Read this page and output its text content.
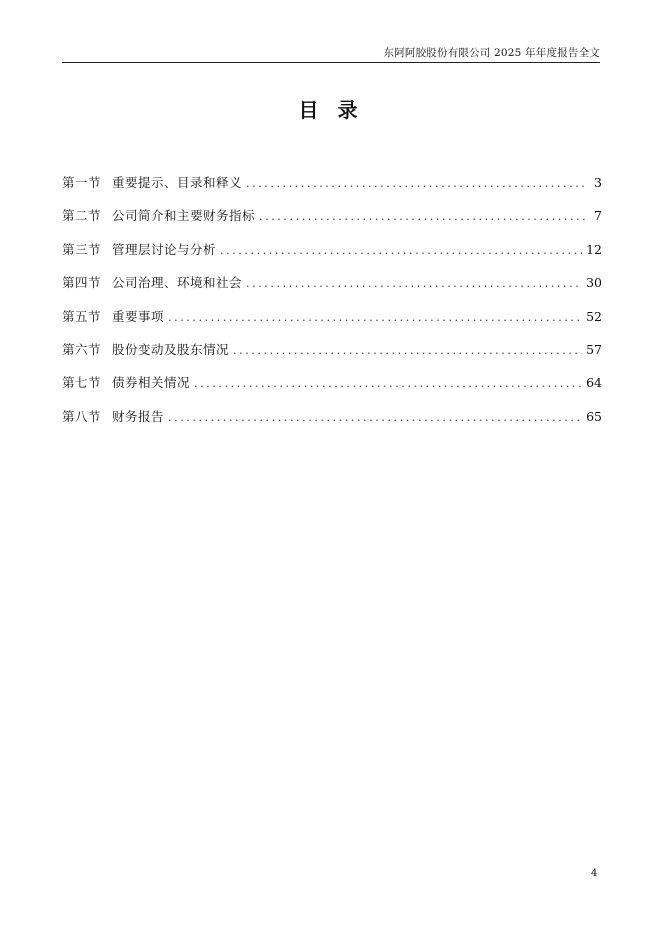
东阿阿胶股份有限公司 2025 年年度报告全文
目 录
第一节 重要提示、目录和释义 .....	3
第二节 公司简介和主要财务指标 .....	7
第三节 管理层讨论与分析 .....	12
第四节 公司治理、环境和社会 .....	30
第五节 重要事项 .....	52
第六节 股份变动及股东情况 .....	57
第七节 债券相关情况 .....	64
第八节 财务报告 .....	65
4
